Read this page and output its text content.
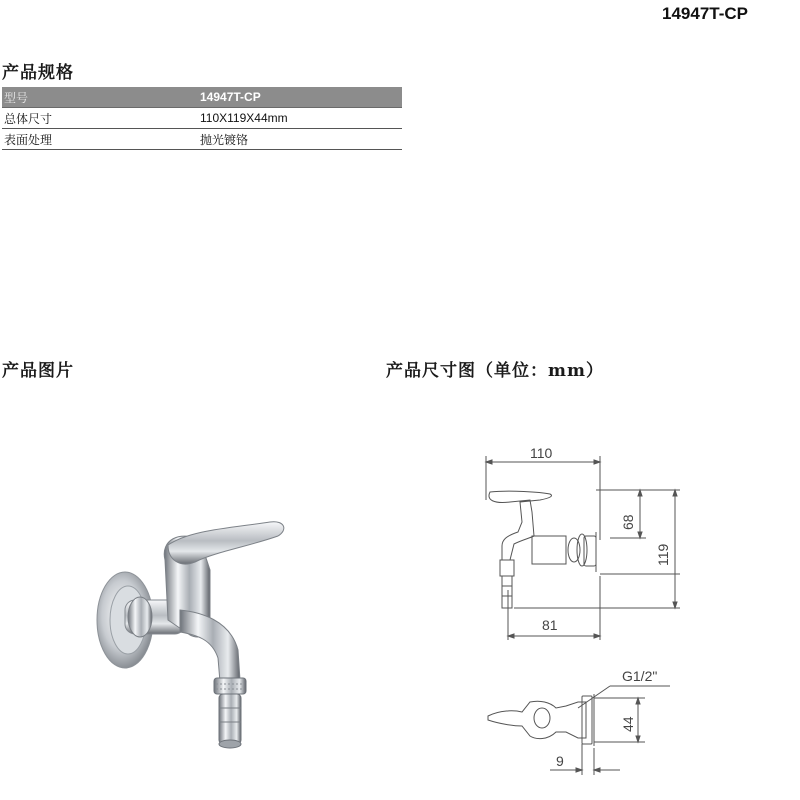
14947T-CP
产品规格
型号	14947T-CP
总体尺寸	110X119X44mm
表面处理	抛光镀铬
产品图片	产品尺寸图（单位：mm）
110
68
119
81
G1/2"
44
9
